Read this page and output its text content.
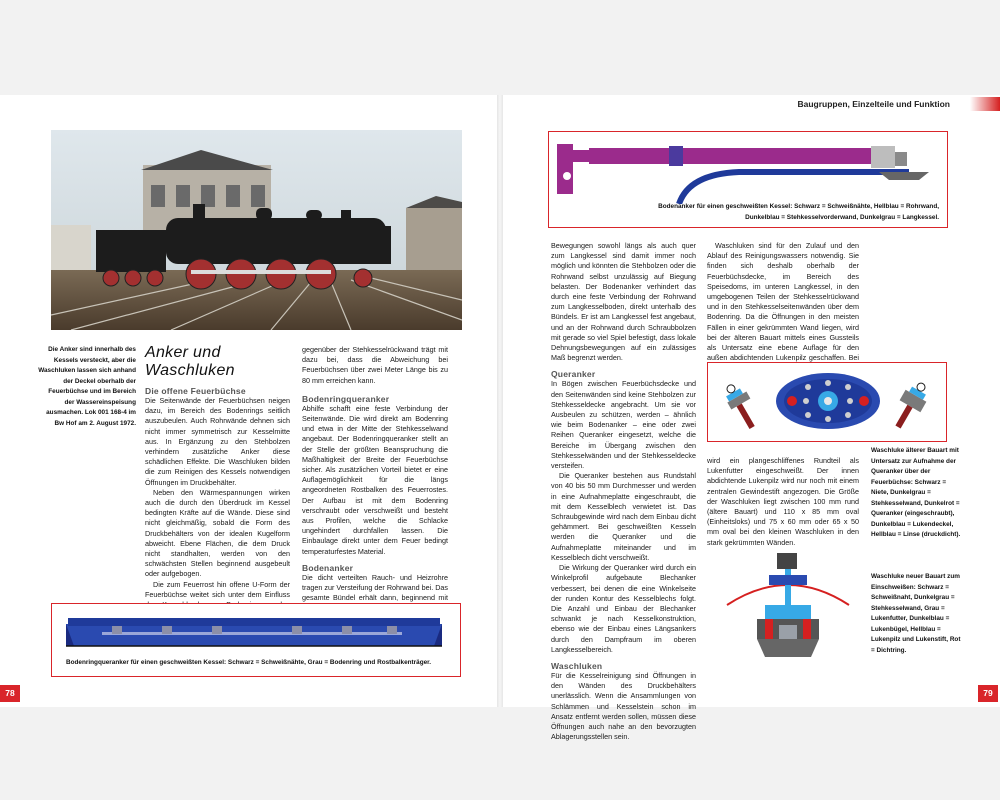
Baugruppen, Einzelteile und Funktion
Die Anker sind innerhalb des Kessels versteckt, aber die Waschluken lassen sich anhand der Deckel oberhalb der Feuerbüchse und im Bereich der Wassereinspeisung ausmachen. Lok 001 168-4 im Bw Hof am 2. August 1972.
Anker und Waschluken
Die offene Feuerbüchse

Die Seitenwände der Feuerbüchsen neigen dazu, im Bereich des Bodenrings seitlich auszubeulen. Auch Rohrwände dehnen sich nicht immer symmetrisch zur Kesselmitte aus. In Ergänzung zu den Stehbolzen verhindern zusätzliche Anker diese schädlichen Effekte. Die Waschluken bilden die zum Reinigen des Kessels notwendigen Öffnungen im Druckbehälter.

Neben den Wärmespannungen wirken auch die durch den Überdruck im Kessel bedingten Kräfte auf die Wände. Diese sind nicht gleichmäßig, sobald die Form des Druckbehälters von der idealen Kugelform abweicht. Ebene Flächen, die dem Druck nicht standhalten, werden von den schwächsten Stellen beginnend ausgebeult oder aufgebogen.

Die zum Feuerrost hin offene U-Form der Feuerbüchse weitet sich unter dem Einfluss

gegenüber der Stehkesselrückwand trägt mit dazu bei, dass die Abweichung bei Feuerbüchsen über zwei Meter Länge bis zu 80 mm erreichen kann.

Bodenringqueranker

Abhilfe schafft eine feste Verbindung der Seitenwände. Die wird direkt am Bodenring und etwa in der Mitte der Stehkesselwand angebaut. Der Bodenringqueranker stellt an der Stelle der größten Beanspruchung die Maßhaltigkeit der Breite der Feuerbüchse sicher. Als zusätzlichen Vorteil bietet er eine Auflagemöglichkeit für die längs angeordneten Rostbalken des Feuerrostes. Der Aufbau ist mit dem Bodenring verschraubt oder verschweißt und besteht aus Profilen, welche die Schlacke ungehindert durchfallen lassen. Die Einbaulage direkt unter dem Feuer bedingt temperaturfestes Material.

Bodenanker

Die dicht verteilten Rauch- und Heizrohre tragen zur Versteifung der Rohrwand bei. Das gesamte Bündel erhält dann, beginnend mit

Bodenringqueranker für einen geschweißten Kessel: Schwarz = Schweißnähte, Grau = Bodenring und Rostbalkenträger.
78
Bodenanker für einen geschweißten Kessel: Schwarz = Schweißnähte, Hellblau = Rohrwand, Dunkelblau = Stehkesselvorderwand, Dunkelgrau = Langkessel.

Bewegungen sowohl längs als auch quer zum Langkessel sind damit immer noch möglich und könnten die Stehbolzen oder die Rohrwand selbst unzulässig auf Biegung belasten. Der Bodenanker verhindert das durch eine feste Verbindung der Rohrwand zum Langkesselboden, direkt unterhalb des Bündels. Er ist am Langkessel fest angebaut, und an der Rohrwand durch Schraubbolzen mit gerade so viel Spiel befestigt, dass lokale Dehnungsbewegungen auf ein zulässiges Maß begrenzt werden.

Queranker

In Bögen zwischen Feuerbüchsdecke und den Seitenwänden sind keine Stehbolzen zur Stehkesseldecke angebracht. Um sie vor Ausbeulen zu schützen, werden – ähnlich wie beim Bodenanker – eine oder zwei Reihen Queranker eingesetzt, welche die Bereiche im Übergang zwischen den Stehkesselwänden und der Stehkesseldecke versteifen.

Die Queranker bestehen aus Rundstahl von 40 bis 50 mm Durchmesser und werden in eine Aufnahmeplatte eingeschraubt, die mit dem Kesselblech verwietet ist. Das Schraubgewinde wird nach dem Einbau dicht gehämmert. Bei geschweißten Kesseln werden die Queranker und die Aufnahmeplatte miteinander und im Kesselblech dicht verschweißt.

Die Wirkung der Queranker wird durch ein Winkelprofil aufgebaute Blechanker verbessert, bei denen die eine Winkelseite der runden Kontur des Kesselblechs folgt. Die Anzahl und Einbau der Blechanker schwankt je nach Kesselkonstruktion, ebenso wie der Einbau eines Längsankers durch den Dampfraum im oberen Langkesselbereich.

Waschluken

Für die Kesselreinigung sind Öffnungen in den Wänden des Druckbehälters unerlässlich. Wenn die Ansammlungen von Schlämmen und Kesselstein schon im Ansatz entfernt werden sollen, müssen diese Öffnungen auch nahe an den bevorzugten Ablagerungsstellen sein.

Waschluken sind für den Zulauf und den Ablauf des Reinigungswassers notwendig. Sie finden sich deshalb oberhalb der Feuerbüchsdecke, im Bereich des Speisedoms, im unteren Langkessel, in den umgebogenen Teilen der Stehkesselrückwand und in den Stehkesselseitenwänden über dem Bodenring. Da die Öffnungen in den meisten Fällen in einer gekrümmten Wand liegen, wird bei der älteren Bauart mittels eines Gussteils als Untersatz eine ebene Auflage für den außen abdichtenden Lukenpilz geschaffen. Bei

wird ein plangeschliffenes Rundteil als Lukenfutter eingeschweißt. Der innen abdichtende Lukenpilz wird nur noch mit einem zentralen Gewindestift angezogen. Die Größe der Waschluken liegt zwischen 100 mm rund (ältere Bauart) und 110 x 85 mm oval (Einheitsloks) und 75 x 60 mm oder 65 x 50 mm oval bei den kleinen Waschluken in den stark gekrümmten Wänden.

Waschluke älterer Bauart mit Untersatz zur Aufnahme der Queranker über der Feuerbüchse: Schwarz = Niete, Dunkelgrau = Stehkesselwand, Dunkelrot = Queranker (eingeschraubt), Dunkelblau = Lukendeckel, Hellblau = Linse (druckdicht).
Waschluke neuer Bauart zum Einschweißen: Schwarz = Schweißnaht, Dunkelgrau = Stehkesselwand, Grau = Lukenfutter, Dunkelblau = Lukenbügel, Hellblau = Lukenpilz und Lukenstift, Rot = Dichtring.
79
